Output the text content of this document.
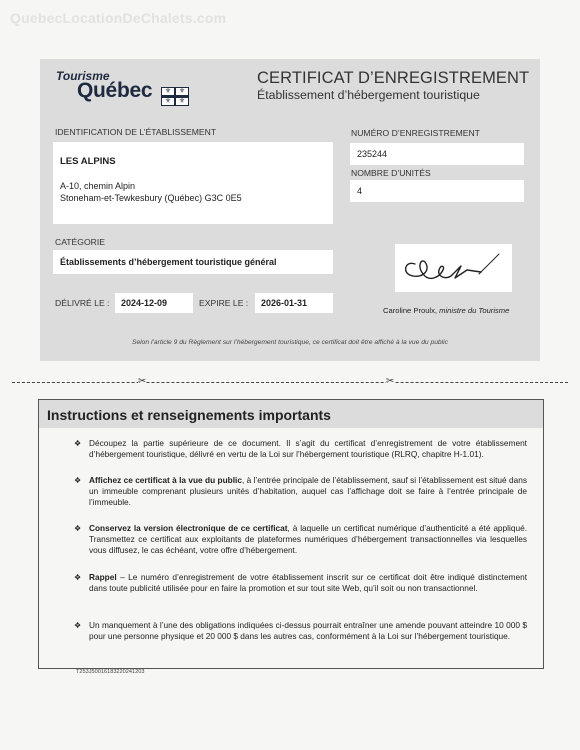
QuebecLocationDeChalets.com
Tourisme
Québec	⚜	⚜
⚜	⚜
CERTIFICAT D’ENREGISTREMENT
Établissement d’hébergement touristique
IDENTIFICATION DE L’ÉTABLISSEMENT
LES ALPINS
A-10, chemin Alpin
Stoneham-et-Tewkesbury (Québec) G3C 0E5
NUMÉRO D’ENREGISTREMENT
235244
NOMBRE D’UNITÉS
4
CATÉGORIE
Établissements d’hébergement touristique général
DÉLIVRÉ LE : 2024-12-09	EXPIRE LE : 2026-01-31
Caroline Proulx, ministre du Tourisme
Selon l’article 9 du Règlement sur l’hébergement touristique, ce certificat doit être affiché à la vue du public
✂	✂
Instructions et renseignements importants
❖ Découpez la partie supérieure de ce document. Il s’agit du certificat d’enregistrement de votre établissement d’hébergement touristique, délivré en vertu de la Loi sur l’hébergement touristique (RLRQ, chapitre H-1.01).
❖ Affichez ce certificat à la vue du public, à l’entrée principale de l’établissement, sauf si l’établissement est situé dans un immeuble comprenant plusieurs unités d’habitation, auquel cas l’affichage doit se faire à l’entrée principale de l’immeuble.
❖ Conservez la version électronique de ce certificat, à laquelle un certificat numérique d’authenticité a été appliqué. Transmettez ce certificat aux exploitants de plateformes numériques d’hébergement transactionnelles via lesquelles vous diffusez, le cas échéant, votre offre d’hébergement.
❖ Rappel – Le numéro d’enregistrement de votre établissement inscrit sur ce certificat doit être indiqué distinctement dans toute publicité utilisée pour en faire la promotion et sur tout site Web, qu’il soit ou non transactionnel.
❖ Un manquement à l’une des obligations indiquées ci-dessus pourrait entraîner une amende pouvant atteindre 10 000 $ pour une personne physique et 20 000 $ dans les autres cas, conformément à la Loi sur l’hébergement touristique.
T253J5001618322024120​3
